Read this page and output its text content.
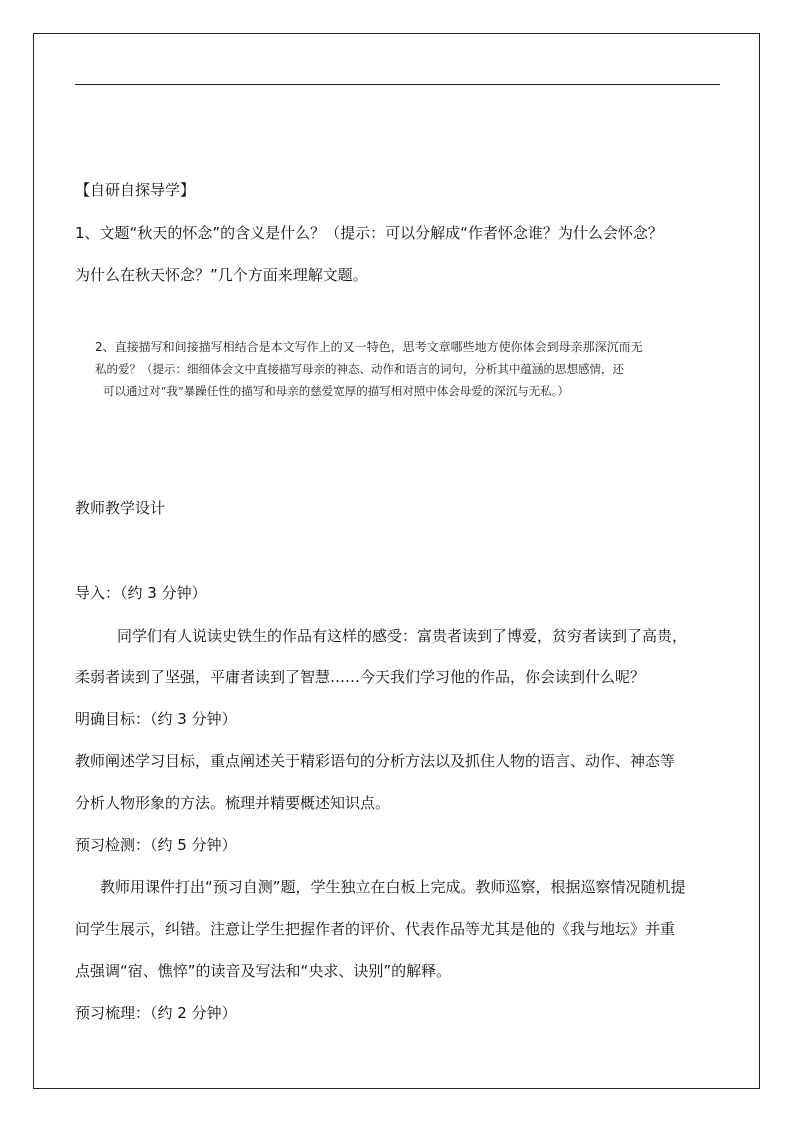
【自研自探导学】
1、文题“秋天的怀念”的含义是什么？（提示：可以分解成“作者怀念谁？为什么会怀念？
为什么在秋天怀念？”几个方面来理解文题。
2、直接描写和间接描写相结合是本文写作上的又一特色，思考文章哪些地方使你体会到母亲那深沉而无
私的爱？（提示：细细体会文中直接描写母亲的神态、动作和语言的词句，分析其中蕴涵的思想感情，还
可以通过对“我”暴躁任性的描写和母亲的慈爱宽厚的描写相对照中体会母爱的深沉与无私。）
教师教学设计
导入：（约 3 分钟）
同学们有人说读史铁生的作品有这样的感受：富贵者读到了博爱，贫穷者读到了高贵，
柔弱者读到了坚强，平庸者读到了智慧……今天我们学习他的作品，你会读到什么呢？
明确目标：（约 3 分钟）
教师阐述学习目标，重点阐述关于精彩语句的分析方法以及抓住人物的语言、动作、神态等
分析人物形象的方法。梳理并精要概述知识点。
预习检测：（约 5 分钟）
教师用课件打出“预习自测”题，学生独立在白板上完成。教师巡察，根据巡察情况随机提
问学生展示，纠错。注意让学生把握作者的评价、代表作品等尤其是他的《我与地坛》并重
点强调“宿、憔悴”的读音及写法和“央求、诀别”的解释。
预习梳理：（约 2 分钟）
